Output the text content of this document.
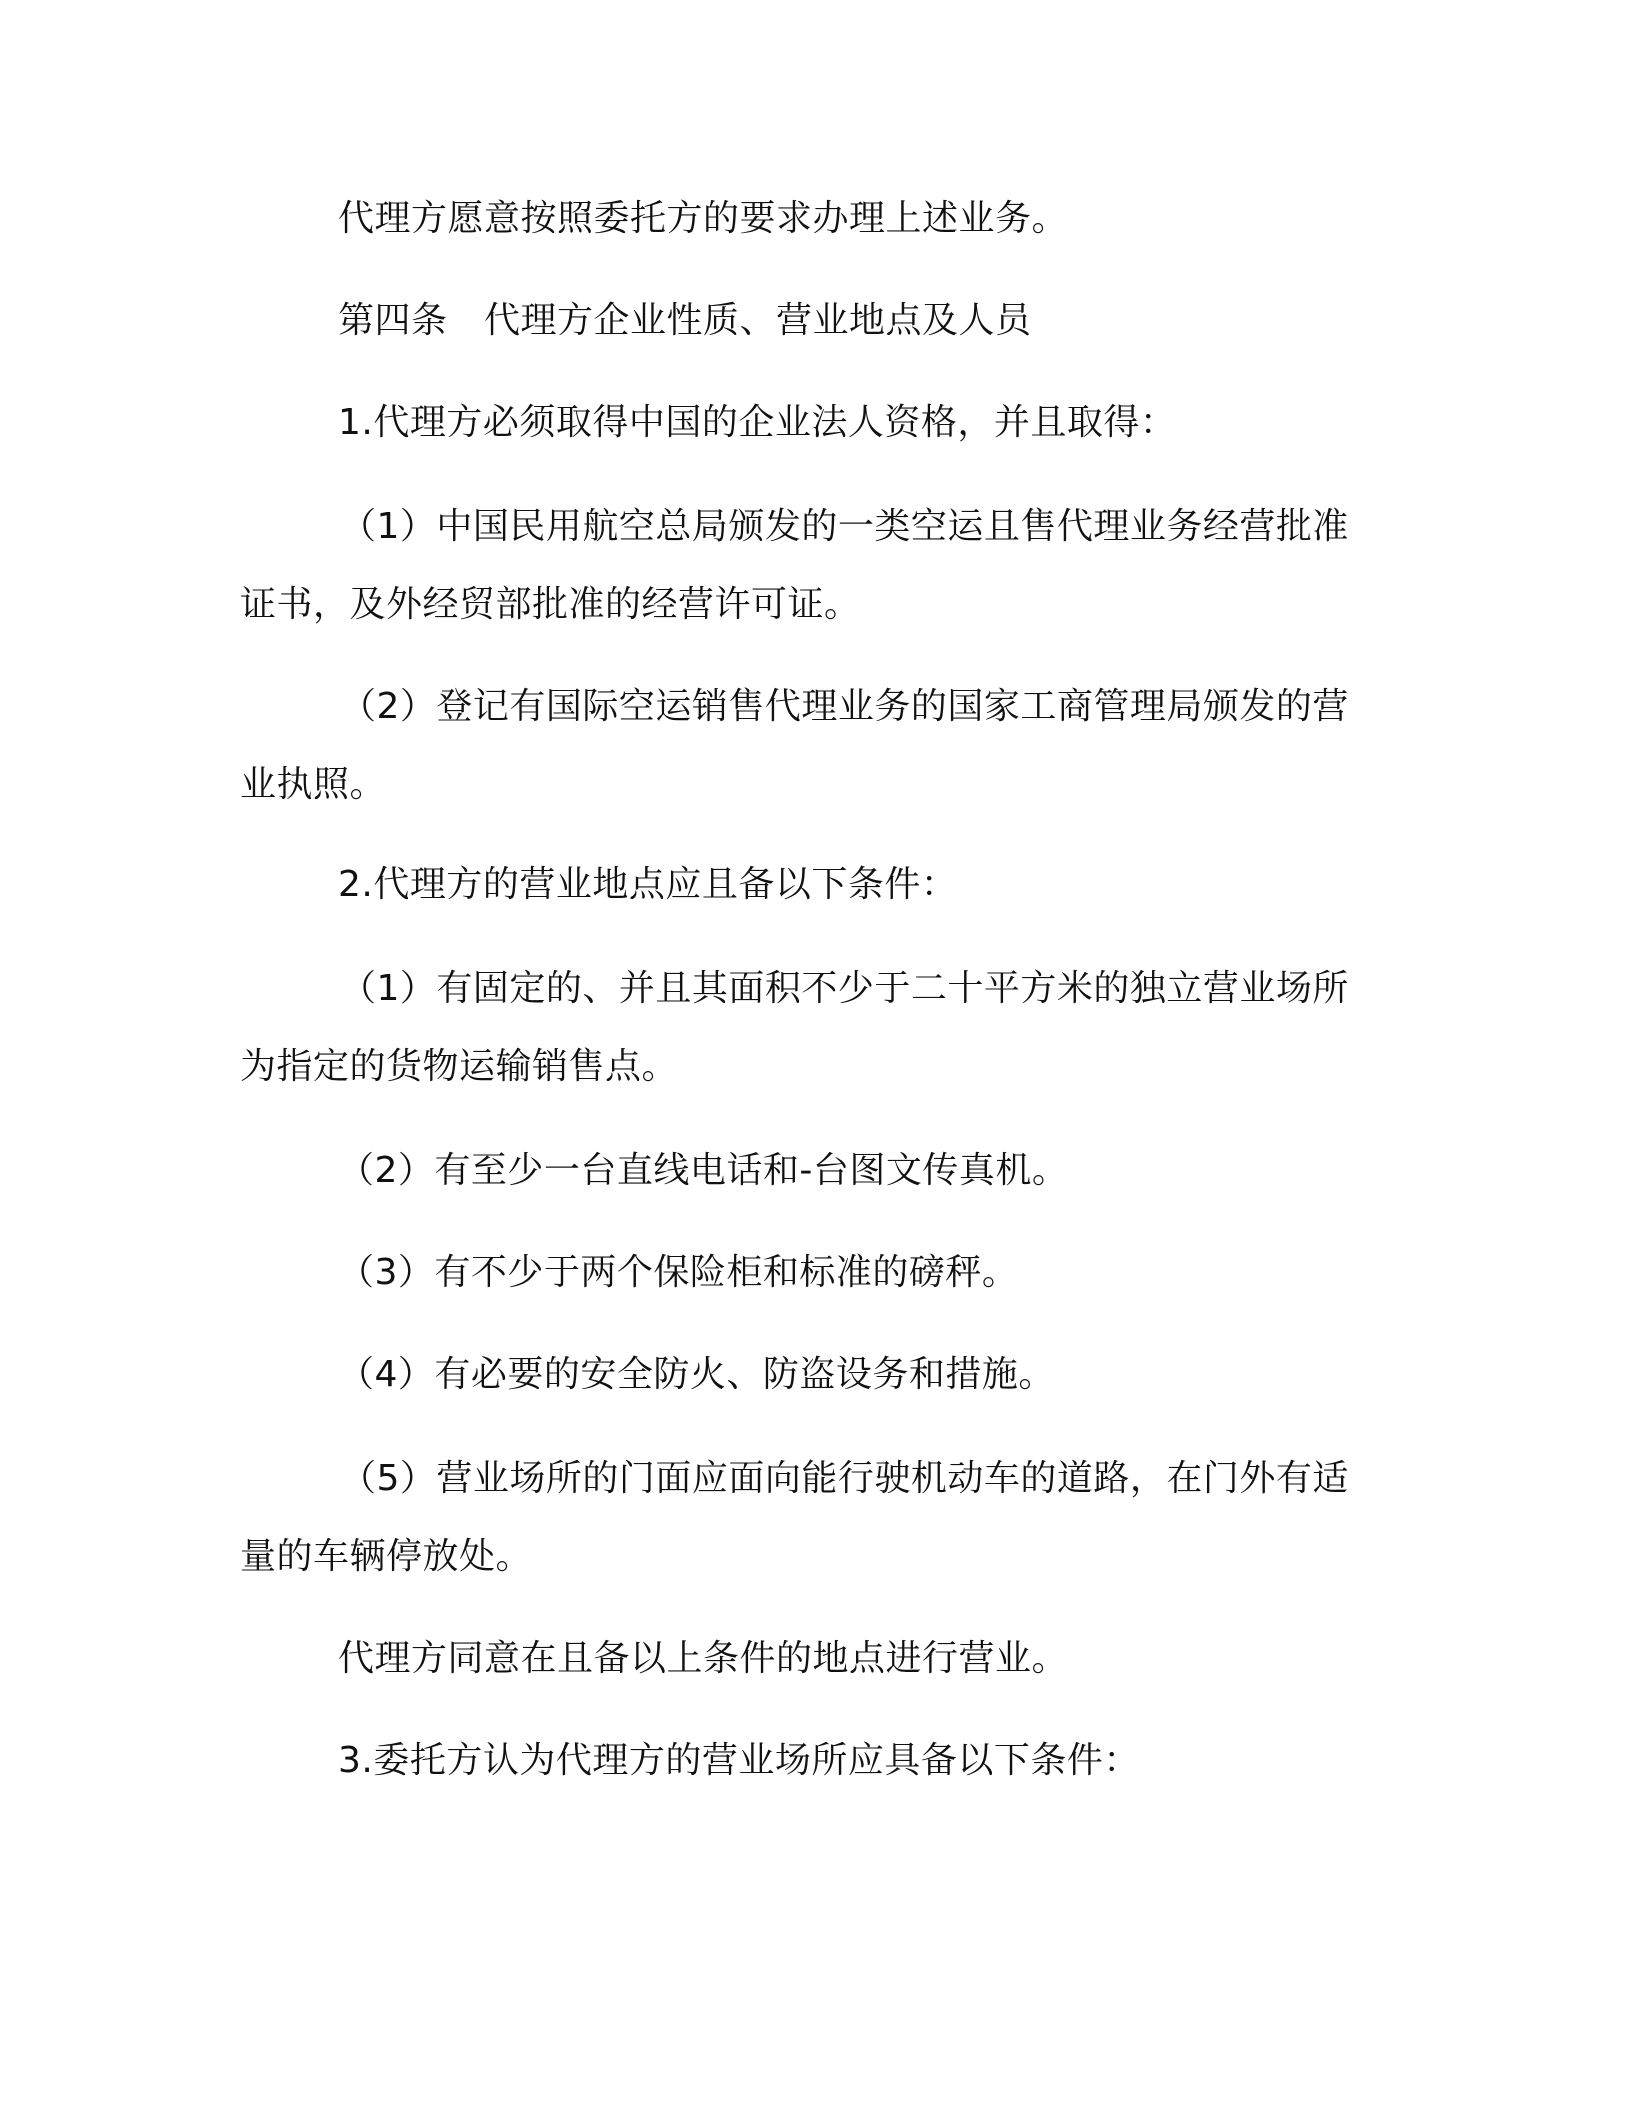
代理方愿意按照委托方的要求办理上述业务。

第四条　代理方企业性质、营业地点及人员

1.代理方必须取得中国的企业法人资格，并且取得：

（1）中国民用航空总局颁发的一类空运且售代理业务经营批准证书，及外经贸部批准的经营许可证。

（2）登记有国际空运销售代理业务的国家工商管理局颁发的营业执照。

2.代理方的营业地点应且备以下条件：

（1）有固定的、并且其面积不少于二十平方米的独立营业场所为指定的货物运输销售点。

（2）有至少一台直线电话和-台图文传真机。

（3）有不少于两个保险柜和标准的磅秤。

（4）有必要的安全防火、防盗设务和措施。

（5）营业场所的门面应面向能行驶机动车的道路，在门外有适量的车辆停放处。

代理方同意在且备以上条件的地点进行营业。

3.委托方认为代理方的营业场所应具备以下条件：
